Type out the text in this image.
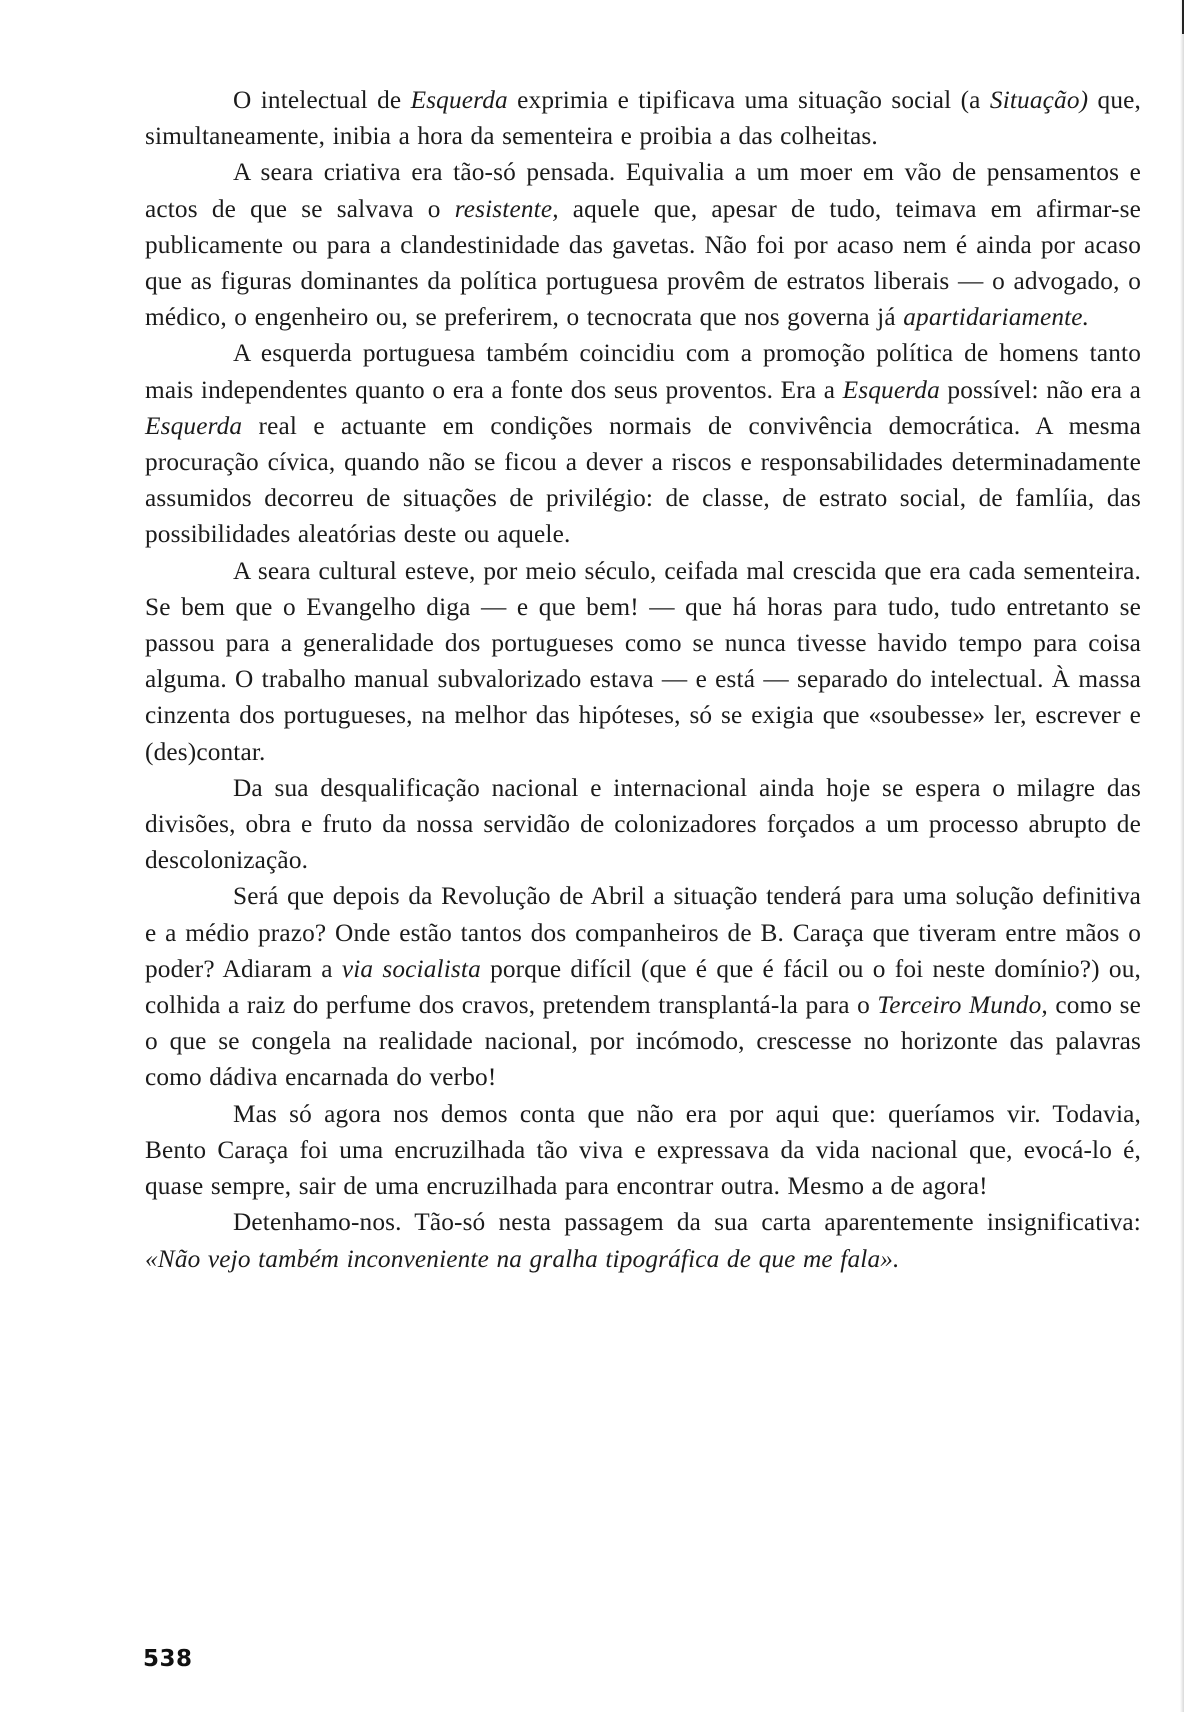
O intelectual de Esquerda exprimia e tipificava uma situação social (a Situação) que, simultaneamente, inibia a hora da sementeira e proibia a das colheitas.

A seara criativa era tão-só pensada. Equivalia a um moer em vão de pensamentos e actos de que se salvava o resistente, aquele que, apesar de tudo, teimava em afirmar-se publicamente ou para a clandestinidade das gavetas. Não foi por acaso nem é ainda por acaso que as figuras dominantes da política portuguesa provêm de estratos liberais — o advogado, o médico, o engenheiro ou, se preferirem, o tecnocrata que nos governa já apartidariamente.

A esquerda portuguesa também coincidiu com a promoção política de homens tanto mais independentes quanto o era a fonte dos seus proventos. Era a Esquerda possível: não era a Esquerda real e actuante em condições normais de convivência democrática. A mesma procuração cívica, quando não se ficou a dever a riscos e responsabilidades determinadamente assumidos decorreu de situações de privilégio: de classe, de estrato social, de famlíia, das possibilidades aleatórias deste ou aquele.

A seara cultural esteve, por meio século, ceifada mal crescida que era cada sementeira. Se bem que o Evangelho diga — e que bem! — que há horas para tudo, tudo entretanto se passou para a generalidade dos portugueses como se nunca tivesse havido tempo para coisa alguma. O trabalho manual subvalorizado estava — e está — separado do intelectual. À massa cinzenta dos portugueses, na melhor das hipóteses, só se exigia que «soubesse» ler, escrever e (des)contar.

Da sua desqualificação nacional e internacional ainda hoje se espera o milagre das divisões, obra e fruto da nossa servidão de colonizadores forçados a um processo abrupto de descolonização.

Será que depois da Revolução de Abril a situação tenderá para uma solução definitiva e a médio prazo? Onde estão tantos dos companheiros de B. Caraça que tiveram entre mãos o poder? Adiaram a via socialista porque difícil (que é que é fácil ou o foi neste domínio?) ou, colhida a raiz do perfume dos cravos, pretendem transplantá-la para o Terceiro Mundo, como se o que se congela na realidade nacional, por incómodo, crescesse no horizonte das palavras como dádiva encarnada do verbo!

Mas só agora nos demos conta que não era por aqui que: queríamos vir. Todavia, Bento Caraça foi uma encruzilhada tão viva e expressava da vida nacional que, evocá-lo é, quase sempre, sair de uma encruzilhada para encontrar outra. Mesmo a de agora!

Detenhamo-nos. Tão-só nesta passagem da sua carta aparentemente insignificativa: «Não vejo também inconveniente na gralha tipográfica de que me fala».

538
